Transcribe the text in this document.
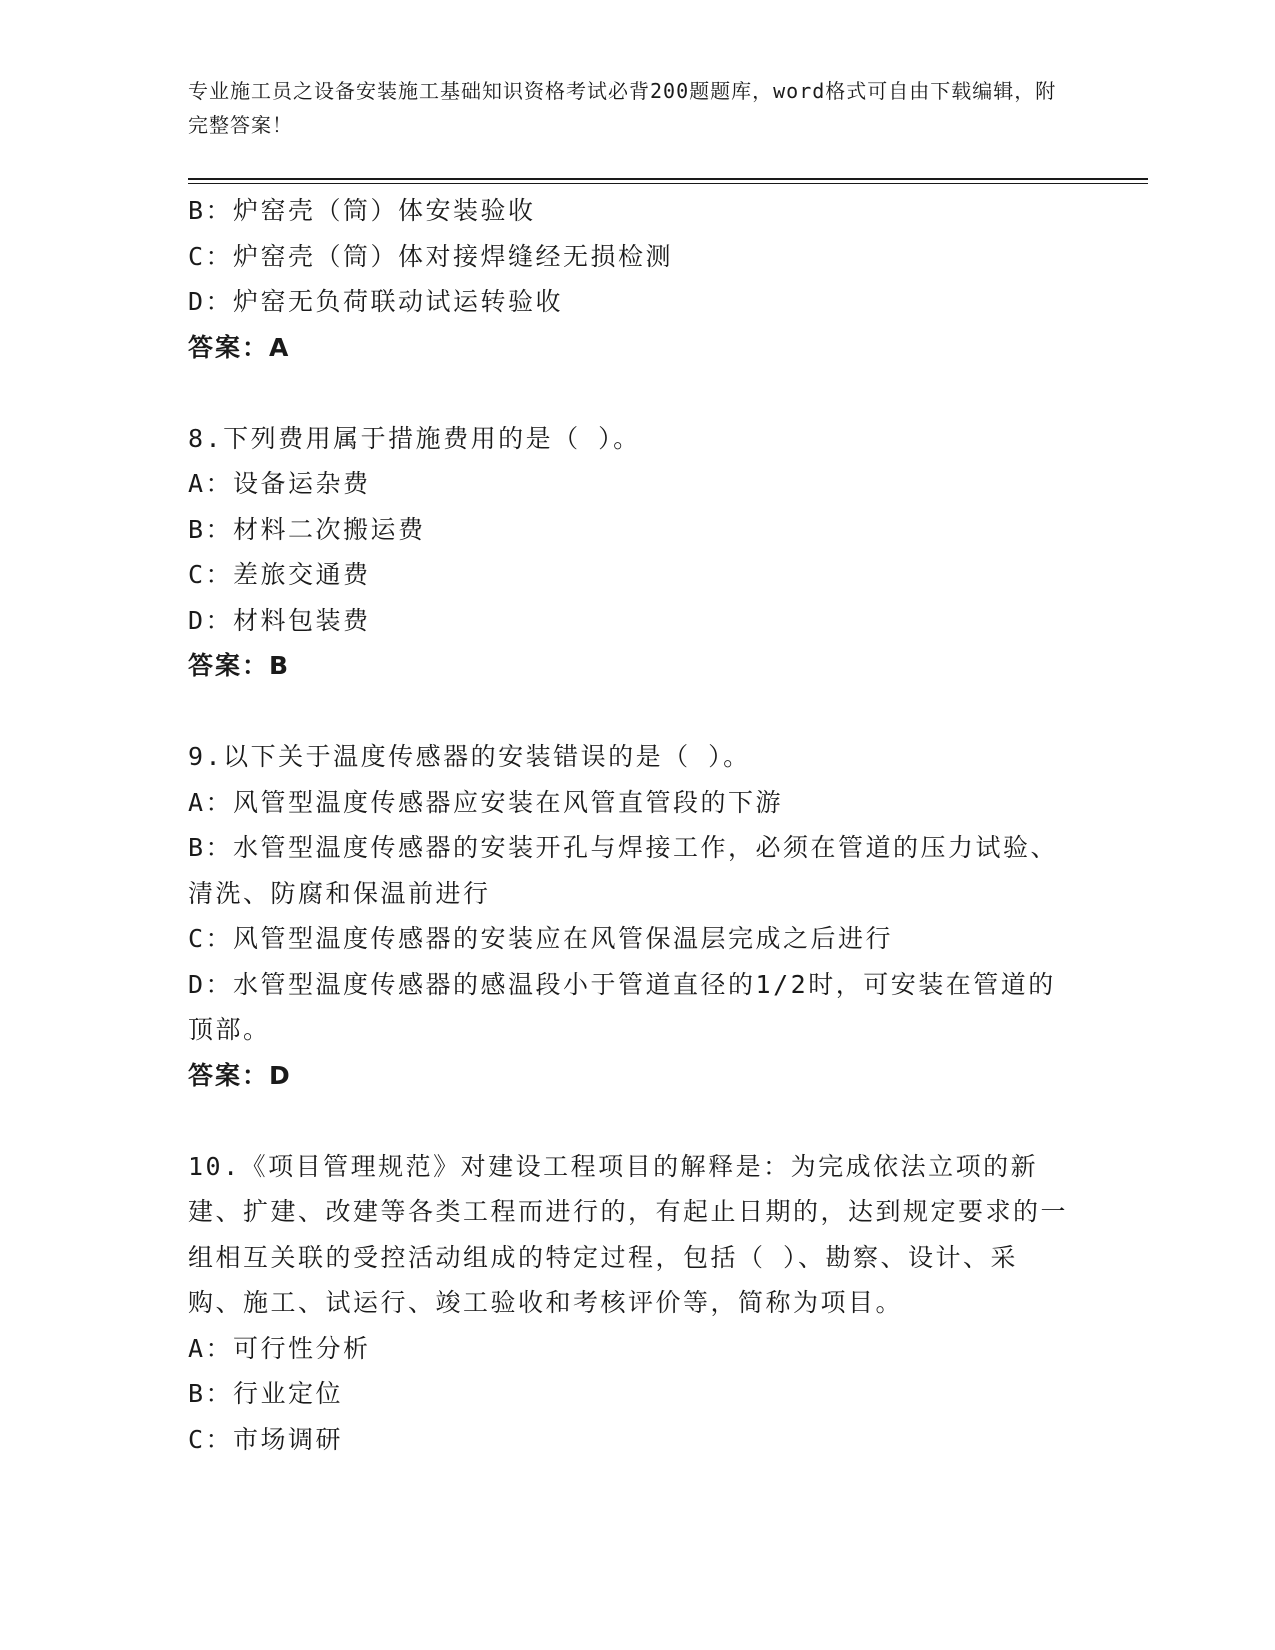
专业施工员之设备安装施工基础知识资格考试必背200题题库，word格式可自由下载编辑，附完整答案！
B：炉窑壳（筒）体安装验收
C：炉窑壳（筒）体对接焊缝经无损检测
D：炉窑无负荷联动试运转验收
答案：A
8.下列费用属于措施费用的是（ ）。
A：设备运杂费
B：材料二次搬运费
C：差旅交通费
D：材料包装费
答案：B
9.以下关于温度传感器的安装错误的是（ ）。
A：风管型温度传感器应安装在风管直管段的下游
B：水管型温度传感器的安装开孔与焊接工作，必须在管道的压力试验、清洗、防腐和保温前进行
C：风管型温度传感器的安装应在风管保温层完成之后进行
D：水管型温度传感器的感温段小于管道直径的1/2时，可安装在管道的顶部。
答案：D
10.《项目管理规范》对建设工程项目的解释是：为完成依法立项的新建、扩建、改建等各类工程而进行的，有起止日期的，达到规定要求的一组相互关联的受控活动组成的特定过程，包括（ ）、勘察、设计、采购、施工、试运行、竣工验收和考核评价等，简称为项目。
A：可行性分析
B：行业定位
C：市场调研
